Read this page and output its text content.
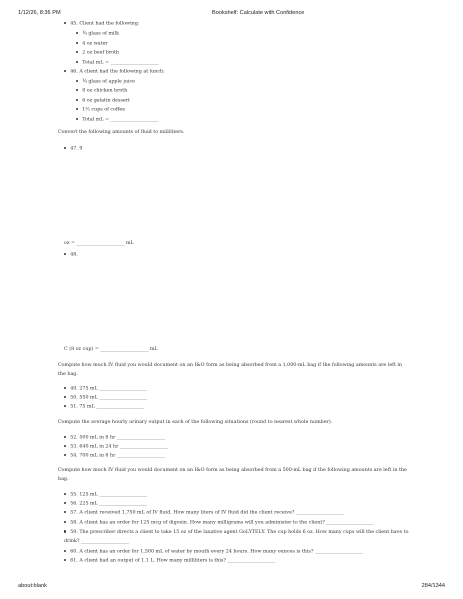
1/12/26, 8:36 PM	Bookshelf: Calculate with Confidence
45. Client had the following:
¾ glass of milk
4 oz water
2 oz beef broth
Total mL = ____________________
46. A client had the following at lunch:
¾ glass of apple juice
8 oz chicken broth
6 oz gelatin dessert
1⅔ cups of coffee
Total mL = ____________________
Convert the following amounts of fluid to milliliters.
47. 9
oz = ____________________ mL
48.
C (8 oz cup) = ____________________ mL
Compute how much IV fluid you would document on an I&O form as being absorbed from a 1,000-mL bag if the following amounts are left in the bag.
49. 275 mL ____________________
50. 550 mL ____________________
51. 75 mL ____________________
Compute the average hourly urinary output in each of the following situations (round to nearest whole number).
52. 500 mL in 8 hr ____________________
53. 640 mL in 24 hr ____________________
54. 700 mL in 8 hr ____________________
Compute how much IV fluid you would document on an I&O form as being absorbed from a 500-mL bag if the following amounts are left in the bag.
55. 125 mL ____________________
56. 225 mL ____________________
57. A client received 1,750 mL of IV fluid. How many liters of IV fluid did the client receive? ____________________
58. A client has an order for 125 mcg of digoxin. How many milligrams will you administer to the client? ____________________
59. The prescriber directs a client to take 15 oz of the laxative agent GoLYTELY. The cup holds 6 oz. How many cups will the client have to drink? ____________________
60. A client has an order for 1,500 mL of water by mouth every 24 hours. How many ounces is this? ____________________
61. A client had an output of 1.1 L. How many milliliters is this? ____________________
about:blank	284/1344
